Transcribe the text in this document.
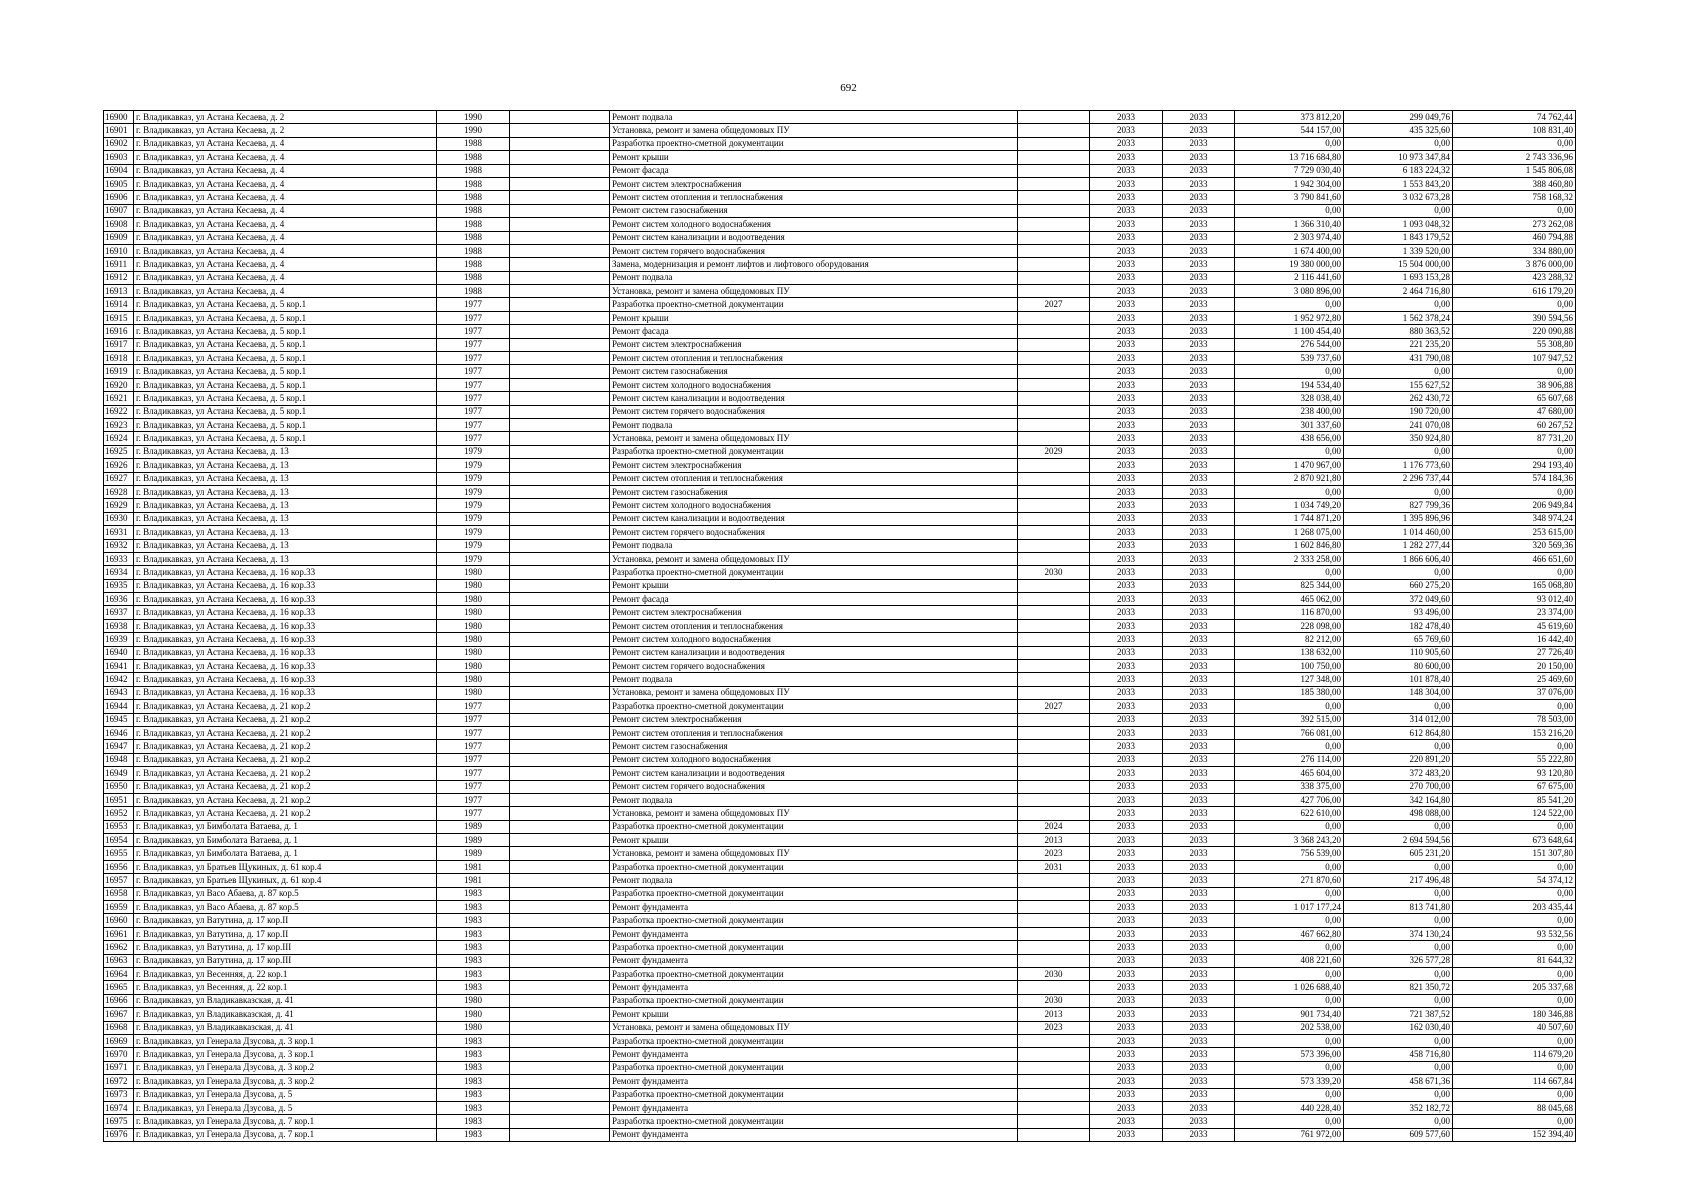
692
16900	г. Владикавказ, ул Астана Кесаева, д. 2	1990		Ремонт подвала		2033	2033	373 812,20	299 049,76	74 762,44
16901	г. Владикавказ, ул Астана Кесаева, д. 2	1990		Установка, ремонт и замена общедомовых ПУ		2033	2033	544 157,00	435 325,60	108 831,40
16902	г. Владикавказ, ул Астана Кесаева, д. 4	1988		Разработка проектно-сметной документации		2033	2033	0,00	0,00	0,00
16903	г. Владикавказ, ул Астана Кесаева, д. 4	1988		Ремонт крыши		2033	2033	13 716 684,80	10 973 347,84	2 743 336,96
16904	г. Владикавказ, ул Астана Кесаева, д. 4	1988		Ремонт фасада		2033	2033	7 729 030,40	6 183 224,32	1 545 806,08
16905	г. Владикавказ, ул Астана Кесаева, д. 4	1988		Ремонт систем электроснабжения		2033	2033	1 942 304,00	1 553 843,20	388 460,80
16906	г. Владикавказ, ул Астана Кесаева, д. 4	1988		Ремонт систем отопления и теплоснабжения		2033	2033	3 790 841,60	3 032 673,28	758 168,32
16907	г. Владикавказ, ул Астана Кесаева, д. 4	1988		Ремонт систем газоснабжения		2033	2033	0,00	0,00	0,00
16908	г. Владикавказ, ул Астана Кесаева, д. 4	1988		Ремонт систем холодного водоснабжения		2033	2033	1 366 310,40	1 093 048,32	273 262,08
16909	г. Владикавказ, ул Астана Кесаева, д. 4	1988		Ремонт систем канализации и водоотведения		2033	2033	2 303 974,40	1 843 179,52	460 794,88
16910	г. Владикавказ, ул Астана Кесаева, д. 4	1988		Ремонт систем горячего водоснабжения		2033	2033	1 674 400,00	1 339 520,00	334 880,00
16911	г. Владикавказ, ул Астана Кесаева, д. 4	1988		Замена, модернизация и ремонт лифтов и лифтового оборудования		2033	2033	19 380 000,00	15 504 000,00	3 876 000,00
16912	г. Владикавказ, ул Астана Кесаева, д. 4	1988		Ремонт подвала		2033	2033	2 116 441,60	1 693 153,28	423 288,32
16913	г. Владикавказ, ул Астана Кесаева, д. 4	1988		Установка, ремонт и замена общедомовых ПУ		2033	2033	3 080 896,00	2 464 716,80	616 179,20
16914	г. Владикавказ, ул Астана Кесаева, д. 5 кор.1	1977		Разработка проектно-сметной документации	2027	2033	2033	0,00	0,00	0,00
16915	г. Владикавказ, ул Астана Кесаева, д. 5 кор.1	1977		Ремонт крыши		2033	2033	1 952 972,80	1 562 378,24	390 594,56
16916	г. Владикавказ, ул Астана Кесаева, д. 5 кор.1	1977		Ремонт фасада		2033	2033	1 100 454,40	880 363,52	220 090,88
16917	г. Владикавказ, ул Астана Кесаева, д. 5 кор.1	1977		Ремонт систем электроснабжения		2033	2033	276 544,00	221 235,20	55 308,80
16918	г. Владикавказ, ул Астана Кесаева, д. 5 кор.1	1977		Ремонт систем отопления и теплоснабжения		2033	2033	539 737,60	431 790,08	107 947,52
16919	г. Владикавказ, ул Астана Кесаева, д. 5 кор.1	1977		Ремонт систем газоснабжения		2033	2033	0,00	0,00	0,00
16920	г. Владикавказ, ул Астана Кесаева, д. 5 кор.1	1977		Ремонт систем холодного водоснабжения		2033	2033	194 534,40	155 627,52	38 906,88
16921	г. Владикавказ, ул Астана Кесаева, д. 5 кор.1	1977		Ремонт систем канализации и водоотведения		2033	2033	328 038,40	262 430,72	65 607,68
16922	г. Владикавказ, ул Астана Кесаева, д. 5 кор.1	1977		Ремонт систем горячего водоснабжения		2033	2033	238 400,00	190 720,00	47 680,00
16923	г. Владикавказ, ул Астана Кесаева, д. 5 кор.1	1977		Ремонт подвала		2033	2033	301 337,60	241 070,08	60 267,52
16924	г. Владикавказ, ул Астана Кесаева, д. 5 кор.1	1977		Установка, ремонт и замена общедомовых ПУ		2033	2033	438 656,00	350 924,80	87 731,20
16925	г. Владикавказ, ул Астана Кесаева, д. 13	1979		Разработка проектно-сметной документации	2029	2033	2033	0,00	0,00	0,00
16926	г. Владикавказ, ул Астана Кесаева, д. 13	1979		Ремонт систем электроснабжения		2033	2033	1 470 967,00	1 176 773,60	294 193,40
16927	г. Владикавказ, ул Астана Кесаева, д. 13	1979		Ремонт систем отопления и теплоснабжения		2033	2033	2 870 921,80	2 296 737,44	574 184,36
16928	г. Владикавказ, ул Астана Кесаева, д. 13	1979		Ремонт систем газоснабжения		2033	2033	0,00	0,00	0,00
16929	г. Владикавказ, ул Астана Кесаева, д. 13	1979		Ремонт систем холодного водоснабжения		2033	2033	1 034 749,20	827 799,36	206 949,84
16930	г. Владикавказ, ул Астана Кесаева, д. 13	1979		Ремонт систем канализации и водоотведения		2033	2033	1 744 871,20	1 395 896,96	348 974,24
16931	г. Владикавказ, ул Астана Кесаева, д. 13	1979		Ремонт систем горячего водоснабжения		2033	2033	1 268 075,00	1 014 460,00	253 615,00
16932	г. Владикавказ, ул Астана Кесаева, д. 13	1979		Ремонт подвала		2033	2033	1 602 846,80	1 282 277,44	320 569,36
16933	г. Владикавказ, ул Астана Кесаева, д. 13	1979		Установка, ремонт и замена общедомовых ПУ		2033	2033	2 333 258,00	1 866 606,40	466 651,60
16934	г. Владикавказ, ул Астана Кесаева, д. 16 кор.33	1980		Разработка проектно-сметной документации	2030	2033	2033	0,00	0,00	0,00
16935	г. Владикавказ, ул Астана Кесаева, д. 16 кор.33	1980		Ремонт крыши		2033	2033	825 344,00	660 275,20	165 068,80
16936	г. Владикавказ, ул Астана Кесаева, д. 16 кор.33	1980		Ремонт фасада		2033	2033	465 062,00	372 049,60	93 012,40
16937	г. Владикавказ, ул Астана Кесаева, д. 16 кор.33	1980		Ремонт систем электроснабжения		2033	2033	116 870,00	93 496,00	23 374,00
16938	г. Владикавказ, ул Астана Кесаева, д. 16 кор.33	1980		Ремонт систем отопления и теплоснабжения		2033	2033	228 098,00	182 478,40	45 619,60
16939	г. Владикавказ, ул Астана Кесаева, д. 16 кор.33	1980		Ремонт систем холодного водоснабжения		2033	2033	82 212,00	65 769,60	16 442,40
16940	г. Владикавказ, ул Астана Кесаева, д. 16 кор.33	1980		Ремонт систем канализации и водоотведения		2033	2033	138 632,00	110 905,60	27 726,40
16941	г. Владикавказ, ул Астана Кесаева, д. 16 кор.33	1980		Ремонт систем горячего водоснабжения		2033	2033	100 750,00	80 600,00	20 150,00
16942	г. Владикавказ, ул Астана Кесаева, д. 16 кор.33	1980		Ремонт подвала		2033	2033	127 348,00	101 878,40	25 469,60
16943	г. Владикавказ, ул Астана Кесаева, д. 16 кор.33	1980		Установка, ремонт и замена общедомовых ПУ		2033	2033	185 380,00	148 304,00	37 076,00
16944	г. Владикавказ, ул Астана Кесаева, д. 21 кор.2	1977		Разработка проектно-сметной документации	2027	2033	2033	0,00	0,00	0,00
16945	г. Владикавказ, ул Астана Кесаева, д. 21 кор.2	1977		Ремонт систем электроснабжения		2033	2033	392 515,00	314 012,00	78 503,00
16946	г. Владикавказ, ул Астана Кесаева, д. 21 кор.2	1977		Ремонт систем отопления и теплоснабжения		2033	2033	766 081,00	612 864,80	153 216,20
16947	г. Владикавказ, ул Астана Кесаева, д. 21 кор.2	1977		Ремонт систем газоснабжения		2033	2033	0,00	0,00	0,00
16948	г. Владикавказ, ул Астана Кесаева, д. 21 кор.2	1977		Ремонт систем холодного водоснабжения		2033	2033	276 114,00	220 891,20	55 222,80
16949	г. Владикавказ, ул Астана Кесаева, д. 21 кор.2	1977		Ремонт систем канализации и водоотведения		2033	2033	465 604,00	372 483,20	93 120,80
16950	г. Владикавказ, ул Астана Кесаева, д. 21 кор.2	1977		Ремонт систем горячего водоснабжения		2033	2033	338 375,00	270 700,00	67 675,00
16951	г. Владикавказ, ул Астана Кесаева, д. 21 кор.2	1977		Ремонт подвала		2033	2033	427 706,00	342 164,80	85 541,20
16952	г. Владикавказ, ул Астана Кесаева, д. 21 кор.2	1977		Установка, ремонт и замена общедомовых ПУ		2033	2033	622 610,00	498 088,00	124 522,00
16953	г. Владикавказ, ул Бимболата Ватаева, д. 1	1989		Разработка проектно-сметной документации	2024	2033	2033	0,00	0,00	0,00
16954	г. Владикавказ, ул Бимболата Ватаева, д. 1	1989		Ремонт крыши	2013	2033	2033	3 368 243,20	2 694 594,56	673 648,64
16955	г. Владикавказ, ул Бимболата Ватаева, д. 1	1989		Установка, ремонт и замена общедомовых ПУ	2023	2033	2033	756 539,00	605 231,20	151 307,80
16956	г. Владикавказ, ул Братьев Щукиных, д. 61 кор.4	1981		Разработка проектно-сметной документации	2031	2033	2033	0,00	0,00	0,00
16957	г. Владикавказ, ул Братьев Щукиных, д. 61 кор.4	1981		Ремонт подвала		2033	2033	271 870,60	217 496,48	54 374,12
16958	г. Владикавказ, ул Васо Абаева, д. 87 кор.5	1983		Разработка проектно-сметной документации		2033	2033	0,00	0,00	0,00
16959	г. Владикавказ, ул Васо Абаева, д. 87 кор.5	1983		Ремонт фундамента		2033	2033	1 017 177,24	813 741,80	203 435,44
16960	г. Владикавказ, ул Ватутина, д. 17 кор.II	1983		Разработка проектно-сметной документации		2033	2033	0,00	0,00	0,00
16961	г. Владикавказ, ул Ватутина, д. 17 кор.II	1983		Ремонт фундамента		2033	2033	467 662,80	374 130,24	93 532,56
16962	г. Владикавказ, ул Ватутина, д. 17 кор.III	1983		Разработка проектно-сметной документации		2033	2033	0,00	0,00	0,00
16963	г. Владикавказ, ул Ватутина, д. 17 кор.III	1983		Ремонт фундамента		2033	2033	408 221,60	326 577,28	81 644,32
16964	г. Владикавказ, ул Весенняя, д. 22 кор.1	1983		Разработка проектно-сметной документации	2030	2033	2033	0,00	0,00	0,00
16965	г. Владикавказ, ул Весенняя, д. 22 кор.1	1983		Ремонт фундамента		2033	2033	1 026 688,40	821 350,72	205 337,68
16966	г. Владикавказ, ул Владикавказская, д. 41	1980		Разработка проектно-сметной документации	2030	2033	2033	0,00	0,00	0,00
16967	г. Владикавказ, ул Владикавказская, д. 41	1980		Ремонт крыши	2013	2033	2033	901 734,40	721 387,52	180 346,88
16968	г. Владикавказ, ул Владикавказская, д. 41	1980		Установка, ремонт и замена общедомовых ПУ	2023	2033	2033	202 538,00	162 030,40	40 507,60
16969	г. Владикавказ, ул Генерала Дзусова, д. 3 кор.1	1983		Разработка проектно-сметной документации		2033	2033	0,00	0,00	0,00
16970	г. Владикавказ, ул Генерала Дзусова, д. 3 кор.1	1983		Ремонт фундамента		2033	2033	573 396,00	458 716,80	114 679,20
16971	г. Владикавказ, ул Генерала Дзусова, д. 3 кор.2	1983		Разработка проектно-сметной документации		2033	2033	0,00	0,00	0,00
16972	г. Владикавказ, ул Генерала Дзусова, д. 3 кор.2	1983		Ремонт фундамента		2033	2033	573 339,20	458 671,36	114 667,84
16973	г. Владикавказ, ул Генерала Дзусова, д. 5	1983		Разработка проектно-сметной документации		2033	2033	0,00	0,00	0,00
16974	г. Владикавказ, ул Генерала Дзусова, д. 5	1983		Ремонт фундамента		2033	2033	440 228,40	352 182,72	88 045,68
16975	г. Владикавказ, ул Генерала Дзусова, д. 7 кор.1	1983		Разработка проектно-сметной документации		2033	2033	0,00	0,00	0,00
16976	г. Владикавказ, ул Генерала Дзусова, д. 7 кор.1	1983		Ремонт фундамента		2033	2033	761 972,00	609 577,60	152 394,40
